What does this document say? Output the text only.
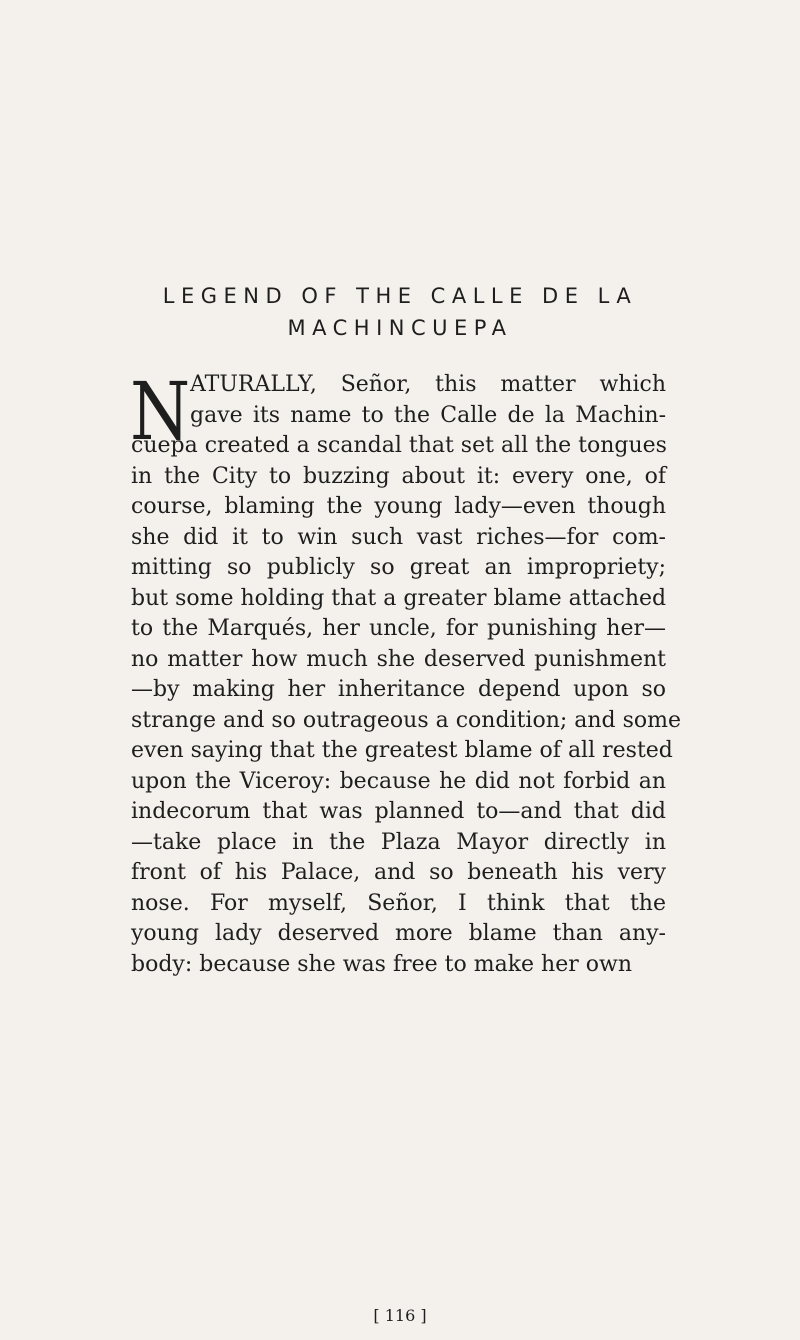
LEGEND OF THE CALLE DE LA
MACHINCUEPA
N ATURALLY, Señor, this matter which
gave its name to the Calle de la Machin-
cuepa created a scandal that set all the tongues
in the City to buzzing about it: every one, of
course, blaming the young lady—even though
she did it to win such vast riches—for com-
mitting so publicly so great an impropriety;
but some holding that a greater blame attached
to the Marqués, her uncle, for punishing her—
no matter how much she deserved punishment
—by making her inheritance depend upon so
strange and so outrageous a condition; and some
even saying that the greatest blame of all rested
upon the Viceroy: because he did not forbid an
indecorum that was planned to—and that did
—take place in the Plaza Mayor directly in
front of his Palace, and so beneath his very
nose. For myself, Señor, I think that the
young lady deserved more blame than any-
body: because she was free to make her own
[ 116 ]
